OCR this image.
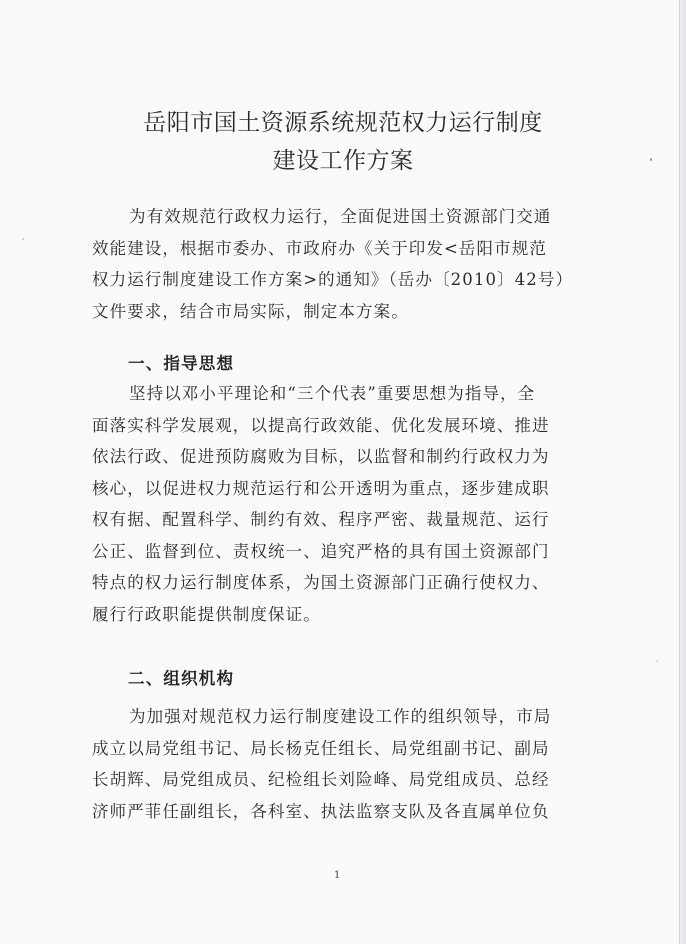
岳阳市国土资源系统规范权力运行制度
建设工作方案
为有效规范行政权力运行，全面促进国土资源部门交通
效能建设，根据市委办、市政府办《关于印发<岳阳市规范
权力运行制度建设工作方案>的通知》（岳办〔2010〕42号）
文件要求，结合市局实际，制定本方案。
一、指导思想
坚持以邓小平理论和“三个代表”重要思想为指导，全
面落实科学发展观，以提高行政效能、优化发展环境、推进
依法行政、促进预防腐败为目标，以监督和制约行政权力为
核心，以促进权力规范运行和公开透明为重点，逐步建成职
权有据、配置科学、制约有效、程序严密、裁量规范、运行
公正、监督到位、责权统一、追究严格的具有国土资源部门
特点的权力运行制度体系，为国土资源部门正确行使权力、
履行行政职能提供制度保证。
二、组织机构
为加强对规范权力运行制度建设工作的组织领导，市局
成立以局党组书记、局长杨克任组长、局党组副书记、副局
长胡辉、局党组成员、纪检组长刘险峰、局党组成员、总经
济师严菲任副组长，各科室、执法监察支队及各直属单位负
1
